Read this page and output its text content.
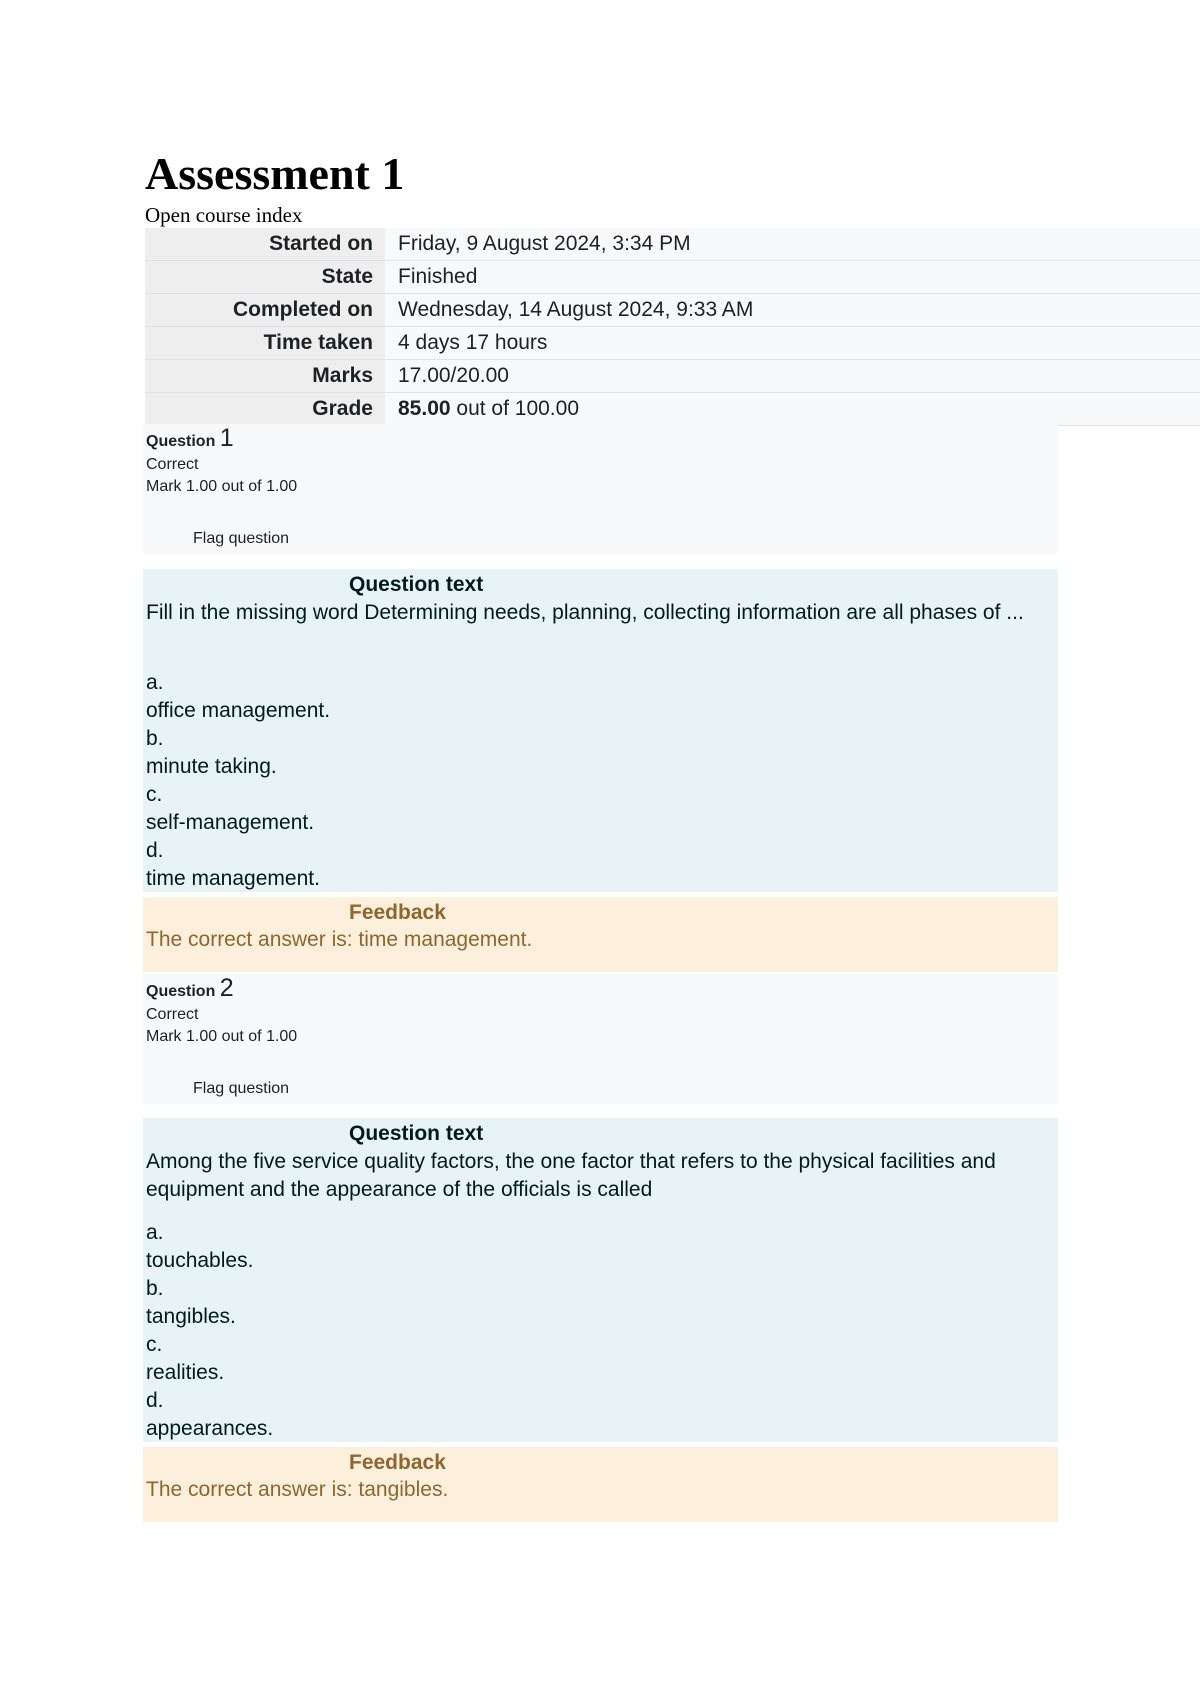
Assessment 1
Open course index
Started on	Friday, 9 August 2024, 3:34 PM
State	Finished
Completed on	Wednesday, 14 August 2024, 9:33 AM
Time taken	4 days 17 hours
Marks	17.00/20.00
Grade	85.00 out of 100.00
Question 1
Correct
Mark 1.00 out of 1.00
Flag question
Question text
Fill in the missing word Determining needs, planning, collecting information are all phases of ...
a.
office management.
b.
minute taking.
c.
self-management.
d.
time management.
Feedback
The correct answer is: time management.
Question 2
Correct
Mark 1.00 out of 1.00
Flag question
Question text
Among the five service quality factors, the one factor that refers to the physical facilities and equipment and the appearance of the officials is called
a.
touchables.
b.
tangibles.
c.
realities.
d.
appearances.
Feedback
The correct answer is: tangibles.
